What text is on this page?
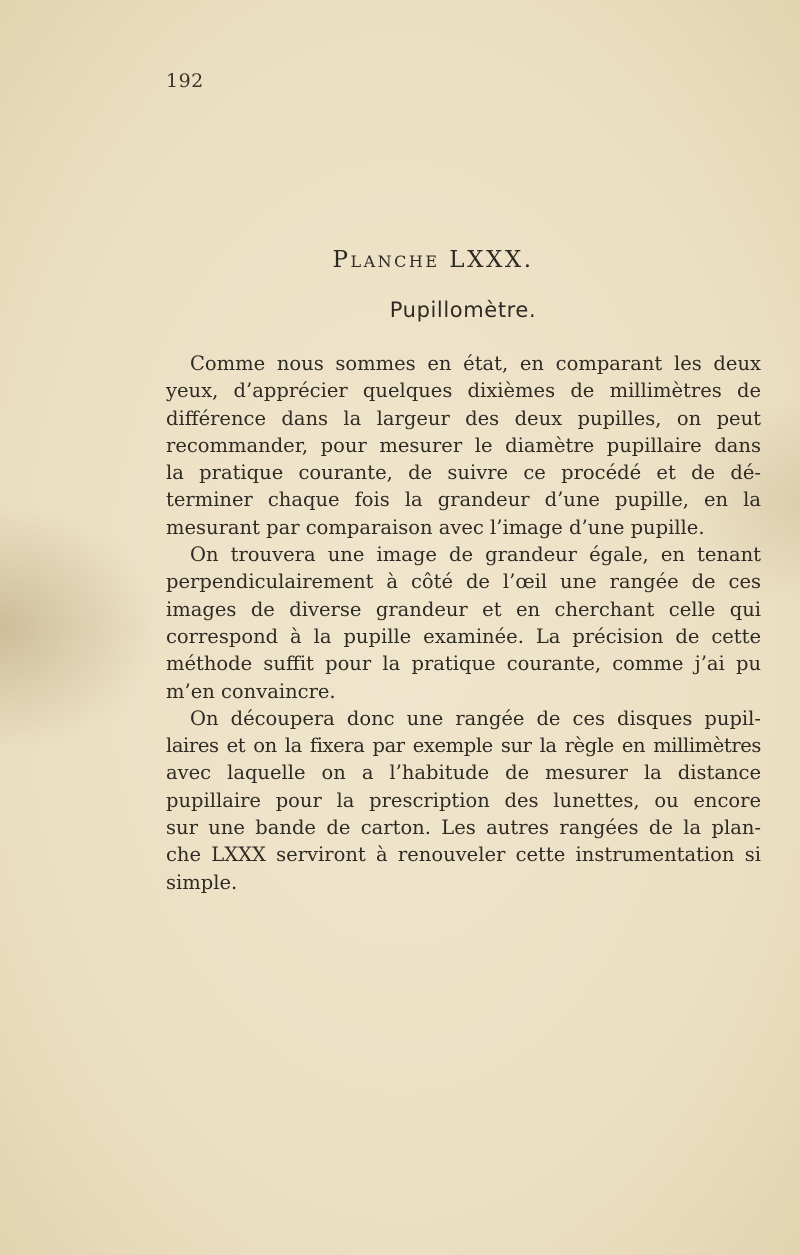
192
Planche LXXX.
Pupillomètre.
Comme nous sommes en état, en comparant les deux
yeux, d’apprécier quelques dixièmes de millimètres de
différence dans la largeur des deux pupilles, on peut
recommander, pour mesurer le diamètre pupillaire dans
la pratique courante, de suivre ce procédé et de dé-
terminer chaque fois la grandeur d’une pupille, en la
mesurant par comparaison avec l’image d’une pupille.
On trouvera une image de grandeur égale, en tenant
perpendiculairement à côté de l’œil une rangée de ces
images de diverse grandeur et en cherchant celle qui
correspond à la pupille examinée. La précision de cette
méthode suffit pour la pratique courante, comme j’ai pu
m’en convaincre.
On découpera donc une rangée de ces disques pupil-
laires et on la fixera par exemple sur la règle en millimètres
avec laquelle on a l’habitude de mesurer la distance
pupillaire pour la prescription des lunettes, ou encore
sur une bande de carton. Les autres rangées de la plan-
che LXXX serviront à renouveler cette instrumentation si
simple.
